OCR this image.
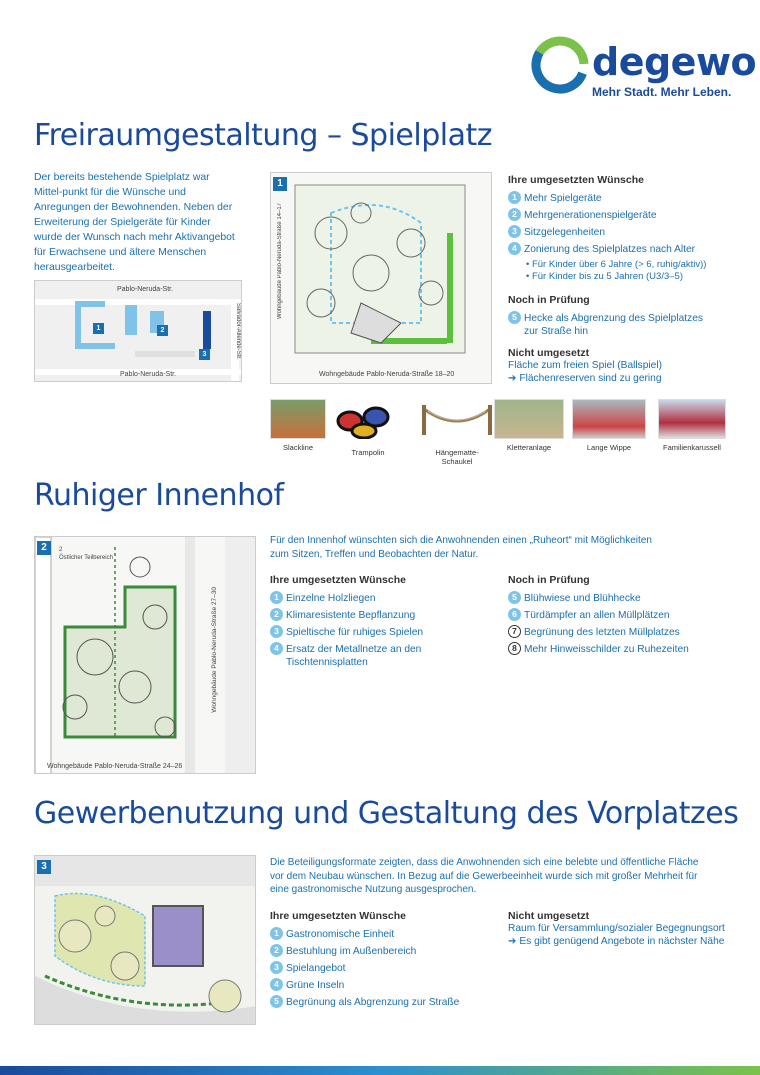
degewo
Mehr Stadt. Mehr Leben.
Freiraumgestaltung – Spielplatz
Der bereits bestehende Spielplatz war Mittel-punkt für die Wünsche und Anregungen der Bewohnenden. Neben der Erweiterung der Spielgeräte für Kinder wurde der Wunsch nach mehr Aktivangebot für Erwachsene und ältere Menschen herausgearbeitet.
Pablo-Neruda-Str.
Pablo-Neruda-Str.
Salvador-Allende-Str.
1	2
3
1
Wohngebäude Pablo-Neruda-Straße 14–17
Wohngebäude Pablo-Neruda-Straße 18–20
Ihre umgesetzten Wünsche
1 Mehr Spielgeräte
2 Mehrgenerationenspielgeräte
3 Sitzgelegenheiten
4 Zonierung des Spielplatzes nach Alter
• Für Kinder über 6 Jahre (> 6, ruhig/aktiv))
• Für Kinder bis zu 5 Jahren (U3/3–5)
Noch in Prüfung
5 Hecke als Abgrenzung des Spielplatzes zur Straße hin
Nicht umgesetzt
Fläche zum freien Spiel (Ballspiel)
➔ Flächenreserven sind zu gering
Slackline
Trampolin	Hängematte-Schaukel
Kletteranlage	Lange Wippe	Familienkarussell
Ruhiger Innenhof
2	2
Östlicher Teilbereich
Wohngebäude Pablo-Neruda-Straße 27–30
Wohngebäude Pablo-Neruda-Straße 24–26
Für den Innenhof wünschten sich die Anwohnenden einen „Ruheort“ mit Möglichkeiten zum Sitzen, Treffen und Beobachten der Natur.
Ihre umgesetzten Wünsche
1 Einzelne Holzliegen
2 Klimaresistente Bepflanzung
3 Spieltische für ruhiges Spielen
4 Ersatz der Metallnetze an den Tischtennisplatten
Noch in Prüfung
5 Blühwiese und Blühhecke
6 Türdämpfer an allen Müllplätzen
7 Begrünung des letzten Müllplatzes
8 Mehr Hinweisschilder zu Ruhezeiten
Gewerbenutzung und Gestaltung des Vorplatzes
3	Die Beteiligungsformate zeigten, dass die Anwohnenden sich eine belebte und öffentliche Fläche vor dem Neubau wünschen. In Bezug auf die Gewerbeeinheit wurde sich mit großer Mehrheit für eine gastronomische Nutzung ausgesprochen.
Ihre umgesetzten Wünsche
1 Gastronomische Einheit
2 Bestuhlung im Außenbereich
3 Spielangebot
4 Grüne Inseln
5 Begrünung als Abgrenzung zur Straße
Nicht umgesetzt
Raum für Versammlung/sozialer Begegnungsort
➔ Es gibt genügend Angebote in nächster Nähe
